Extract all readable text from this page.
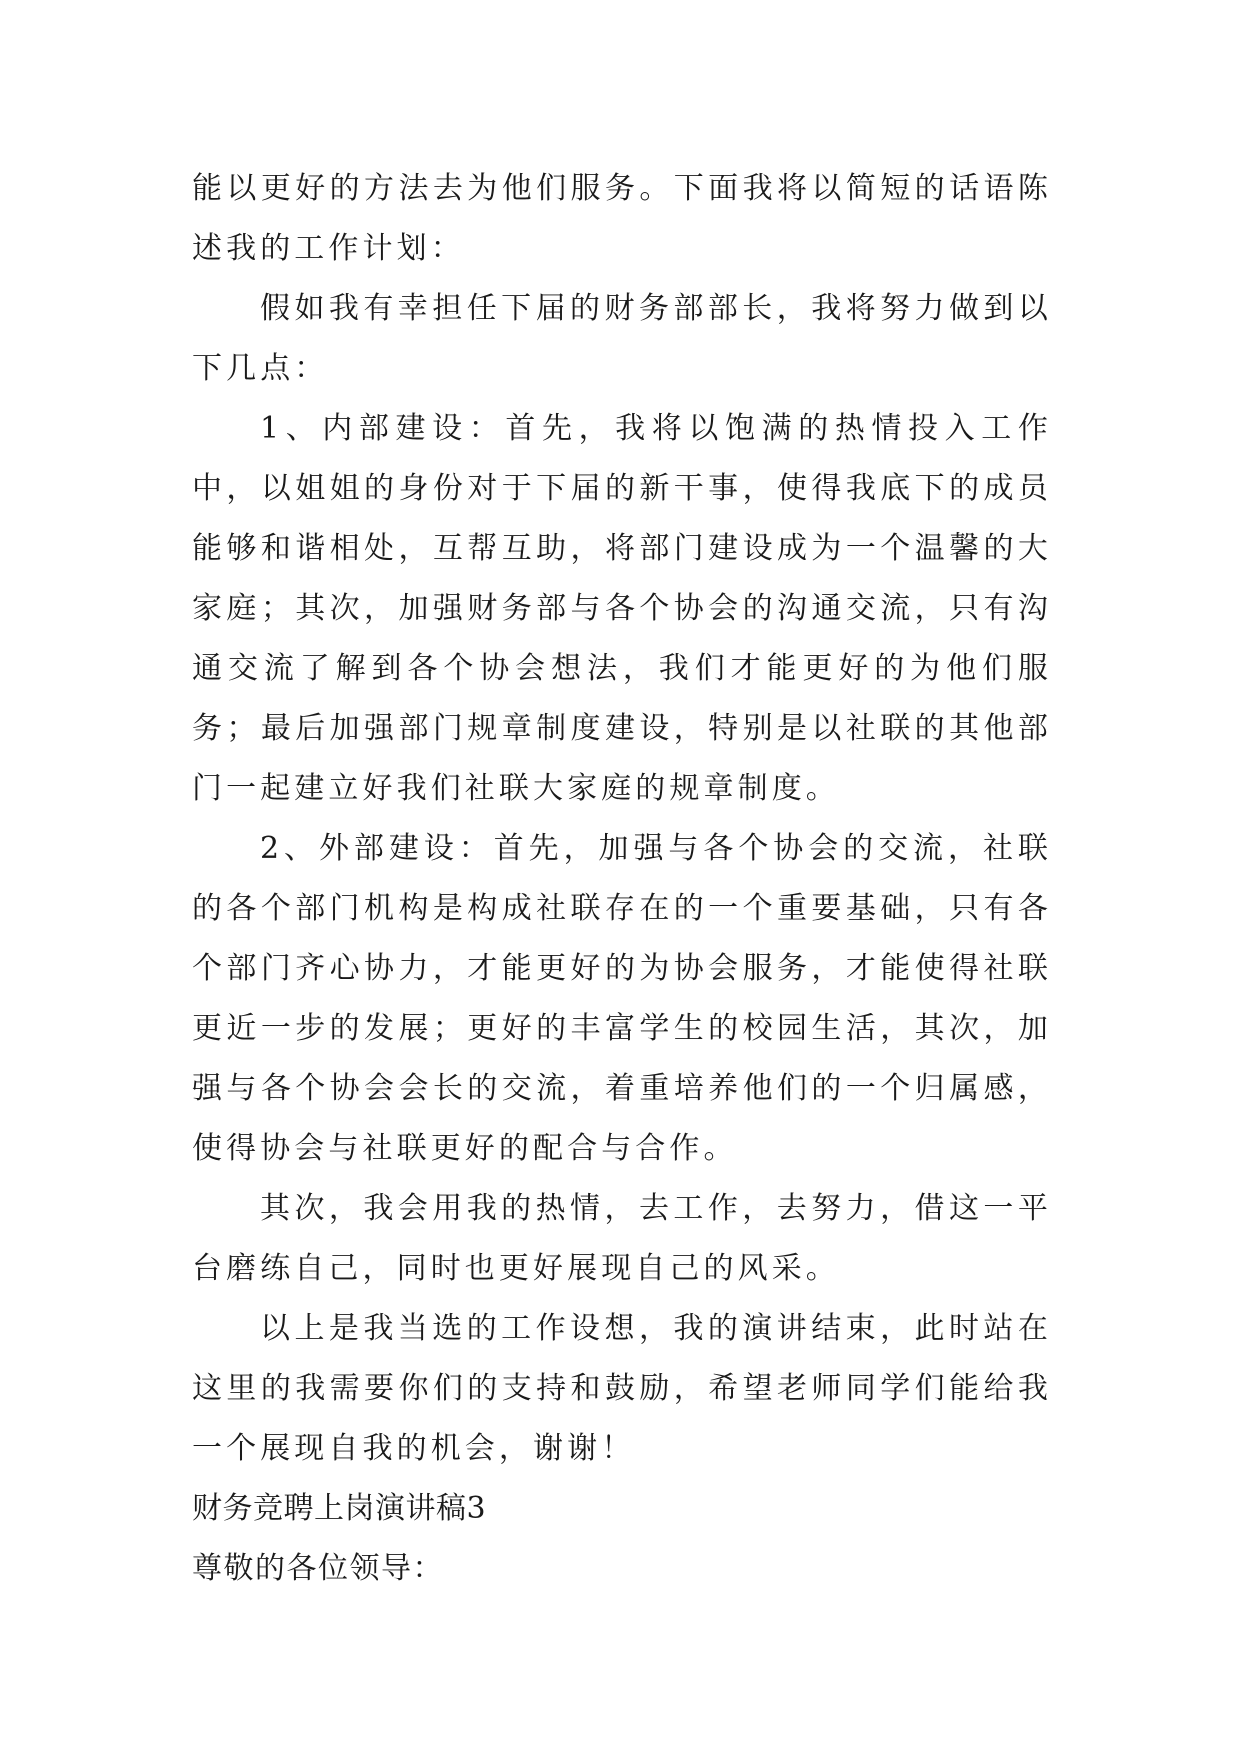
能以更好的方法去为他们服务。下面我将以简短的话语陈述我的工作计划：

假如我有幸担任下届的财务部部长，我将努力做到以下几点：

1、内部建设：首先，我将以饱满的热情投入工作中，以姐姐的身份对于下届的新干事，使得我底下的成员能够和谐相处，互帮互助，将部门建设成为一个温馨的大家庭；其次，加强财务部与各个协会的沟通交流，只有沟通交流了解到各个协会想法，我们才能更好的为他们服务；最后加强部门规章制度建设，特别是以社联的其他部门一起建立好我们社联大家庭的规章制度。

2、外部建设：首先，加强与各个协会的交流，社联的各个部门机构是构成社联存在的一个重要基础，只有各个部门齐心协力，才能更好的为协会服务，才能使得社联更近一步的发展；更好的丰富学生的校园生活，其次，加强与各个协会会长的交流，着重培养他们的一个归属感，使得协会与社联更好的配合与合作。

其次，我会用我的热情，去工作，去努力，借这一平台磨练自己，同时也更好展现自己的风采。

以上是我当选的工作设想，我的演讲结束，此时站在这里的我需要你们的支持和鼓励，希望老师同学们能给我一个展现自我的机会，谢谢！

财务竞聘上岗演讲稿3

尊敬的各位领导：
